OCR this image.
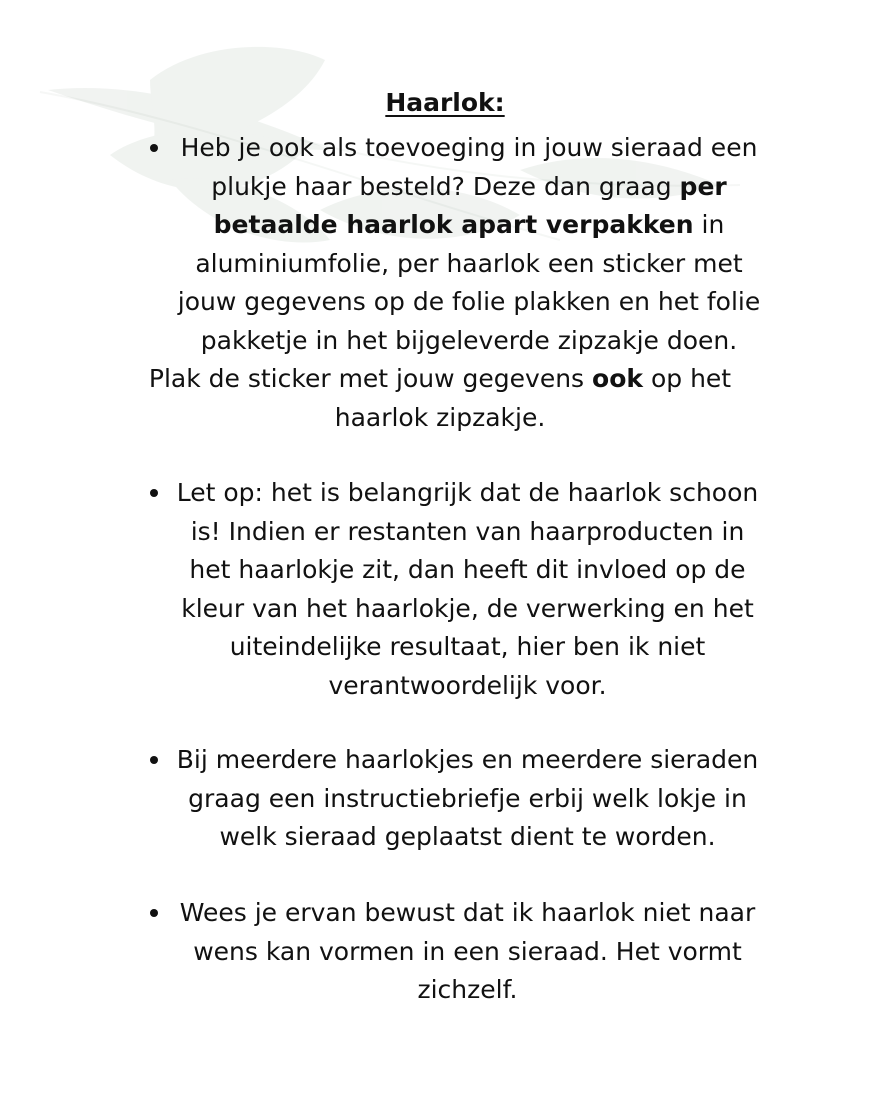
Haarlok:
Heb je ook als toevoeging in jouw sieraad een
plukje haar besteld? Deze dan graag per
betaalde haarlok apart verpakken in
aluminiumfolie, per haarlok een sticker met
jouw gegevens op de folie plakken en het folie
pakketje in het bijgeleverde zipzakje doen.
Plak de sticker met jouw gegevens ook op het
haarlok zipzakje.
Let op: het is belangrijk dat de haarlok schoon
is! Indien er restanten van haarproducten in
het haarlokje zit, dan heeft dit invloed op de
kleur van het haarlokje, de verwerking en het
uiteindelijke resultaat, hier ben ik niet
verantwoordelijk voor.
Bij meerdere haarlokjes en meerdere sieraden
graag een instructiebriefje erbij welk lokje in
welk sieraad geplaatst dient te worden.
Wees je ervan bewust dat ik haarlok niet naar
wens kan vormen in een sieraad. Het vormt
zichzelf.
